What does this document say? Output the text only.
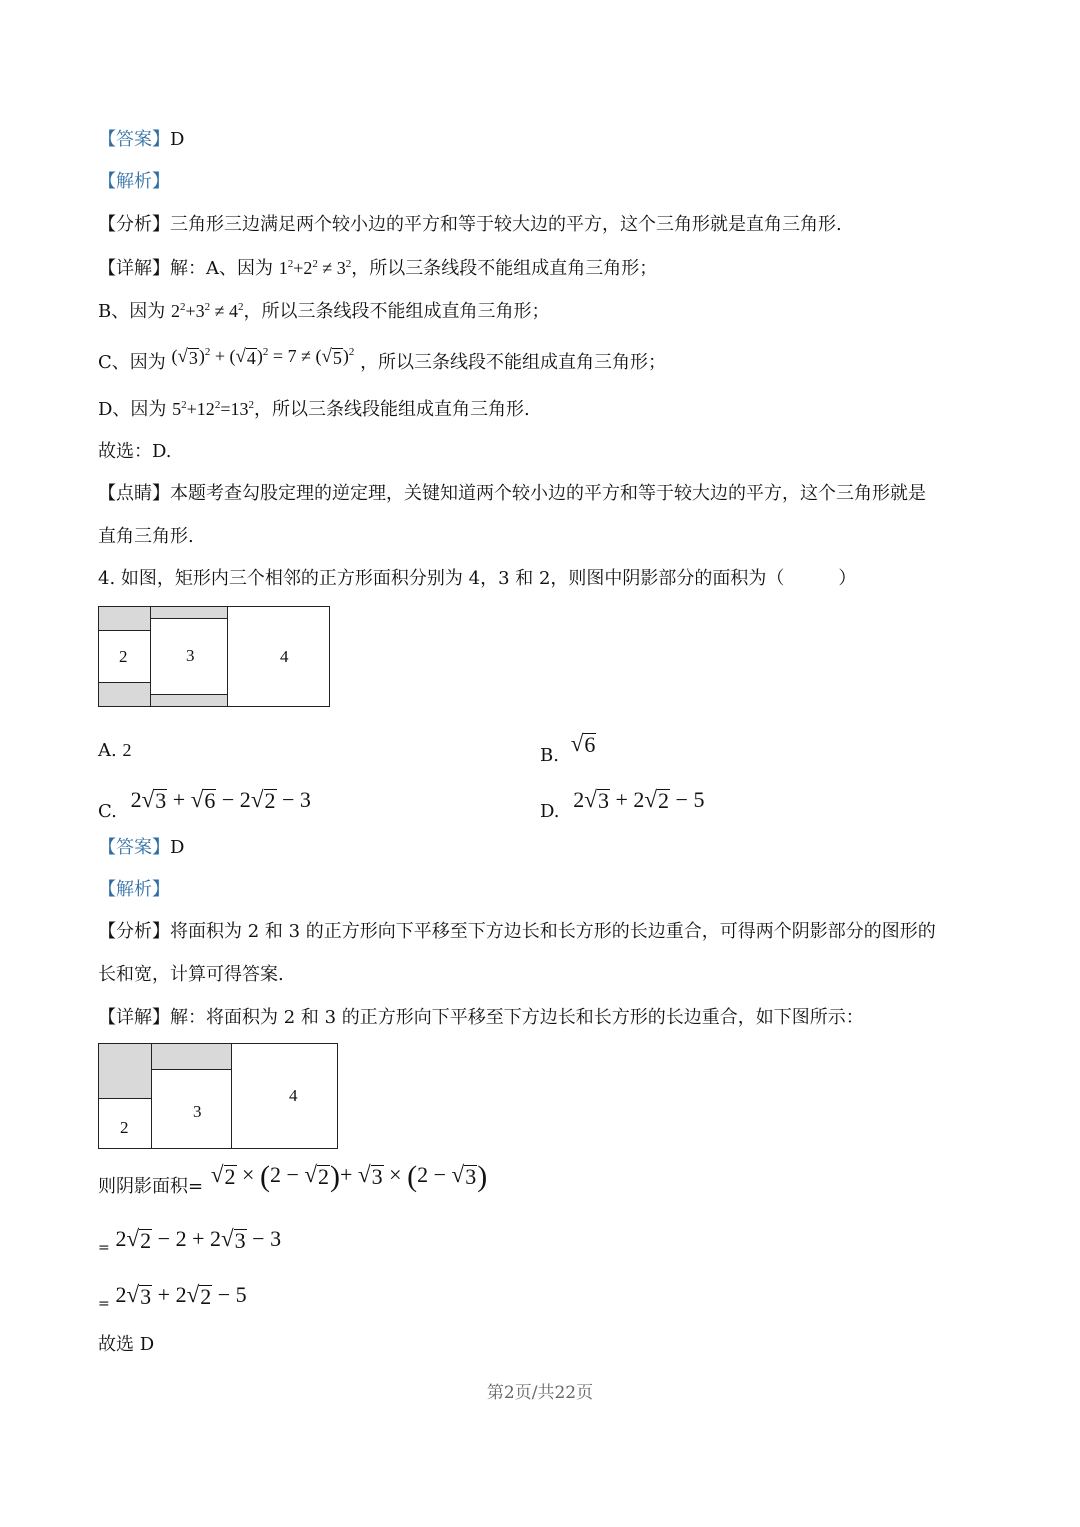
【答案】D
【解析】
【分析】三角形三边满足两个较小边的平方和等于较大边的平方，这个三角形就是直角三角形.
【详解】解：A、因为 $1^2+2^2 \ne 3^2$，所以三条线段不能组成直角三角形；
B、因为 $2^2+3^2 \ne 4^2$，所以三条线段不能组成直角三角形；
C、因为 ( √ 3 )$^2$ + ( √ 4 )$^2$ = 7 ≠ ( √ 5 )$^2$ ，所以三条线段不能组成直角三角形；
D、因为 $5^2+12^2=13^2$，所以三条线段能组成直角三角形.
故选：D.
【点睛】本题考查勾股定理的逆定理，关键知道两个较小边的平方和等于较大边的平方，这个三角形就是
直角三角形.
4. 如图，矩形内三个相邻的正方形面积分别为 4，3 和 2，则图中阴影部分的面积为（　　　）
2	3	4
A. 2	B. √ 6
C. 2 √ 3 + √ 6 − 2 √ 2 − 3	D. 2 √ 3 + 2 √ 2 − 5
【答案】D
【解析】
【分析】将面积为 2 和 3 的正方形向下平移至下方边长和长方形的长边重合，可得两个阴影部分的图形的
长和宽，计算可得答案.
【详解】解：将面积为 2 和 3 的正方形向下平移至下方边长和长方形的长边重合，如下图所示：
2
3
4
则阴影面积= √ 2 × (2 − √ 2 )+ √ 3 × (2 − √ 3 )
$_=$ 2 √ 2 − 2 + 2 √ 3 − 3
$_=$ 2 √ 3 + 2 √ 2 − 5
故选 D
第2页/共22页
